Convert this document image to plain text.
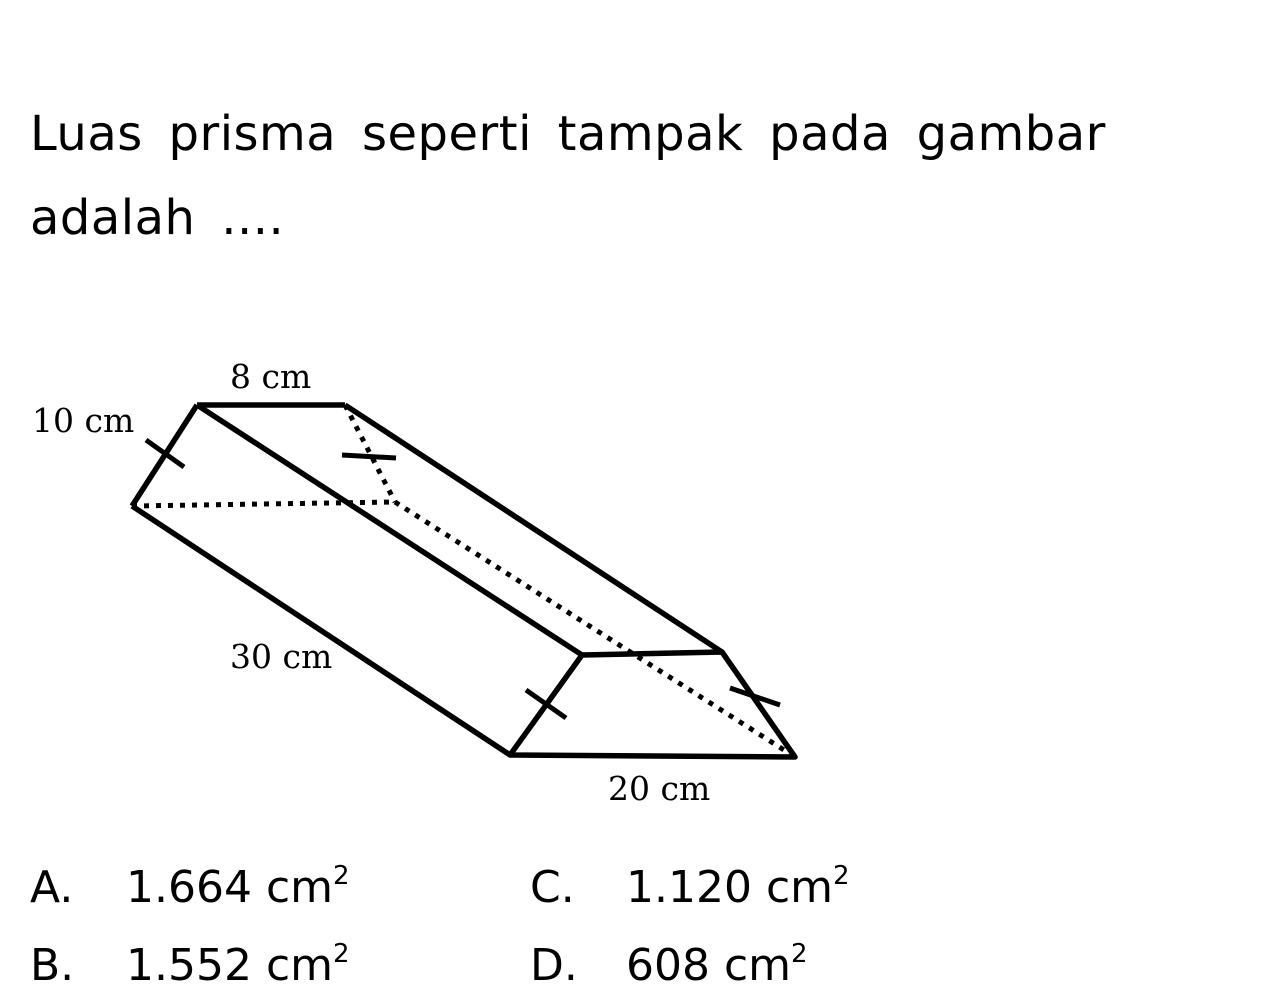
Luas prisma seperti tampak pada gambar adalah ....

8 cm
10 cm
30 cm
20 cm
A. 1.664 $cm^2$
B. 1.552 $cm^2$
C. 1.120 $cm^2$
D. 608 $cm^2$
